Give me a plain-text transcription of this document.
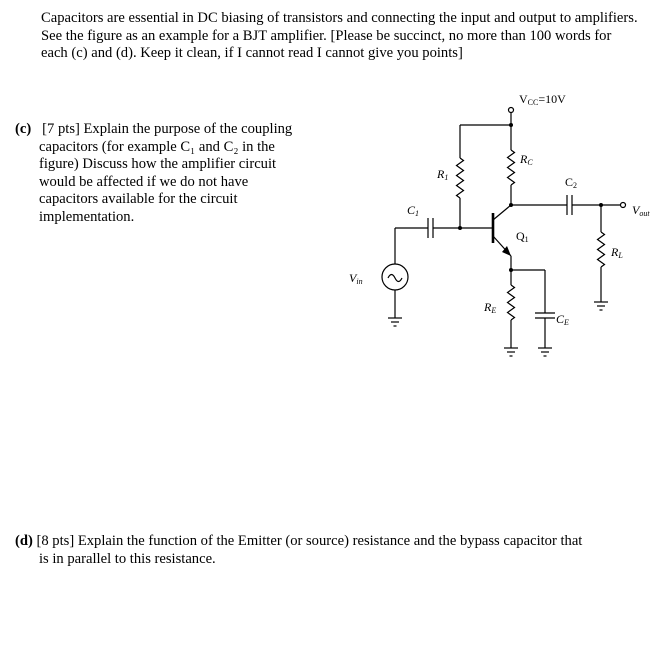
Capacitors are essential in DC biasing of transistors and connecting the input and output to amplifiers. See the figure as an example for a BJT amplifier. [Please be succinct, no more than 100 words for each (c) and (d). Keep it clean, if I cannot read I cannot give you points]
(c) [7 pts] Explain the purpose of the coupling
capacitors (for example C₁ and C₂ in the
figure) Discuss how the amplifier circuit
would be affected if we do not have
capacitors available for the circuit
implementation.
(d) [8 pts] Explain the function of the Emitter (or source) resistance and the bypass capacitor that
is in parallel to this resistance.
VCC=10V
R1
RC
C1
C2
Q1
RE
CE
RL
Vin
Vout
